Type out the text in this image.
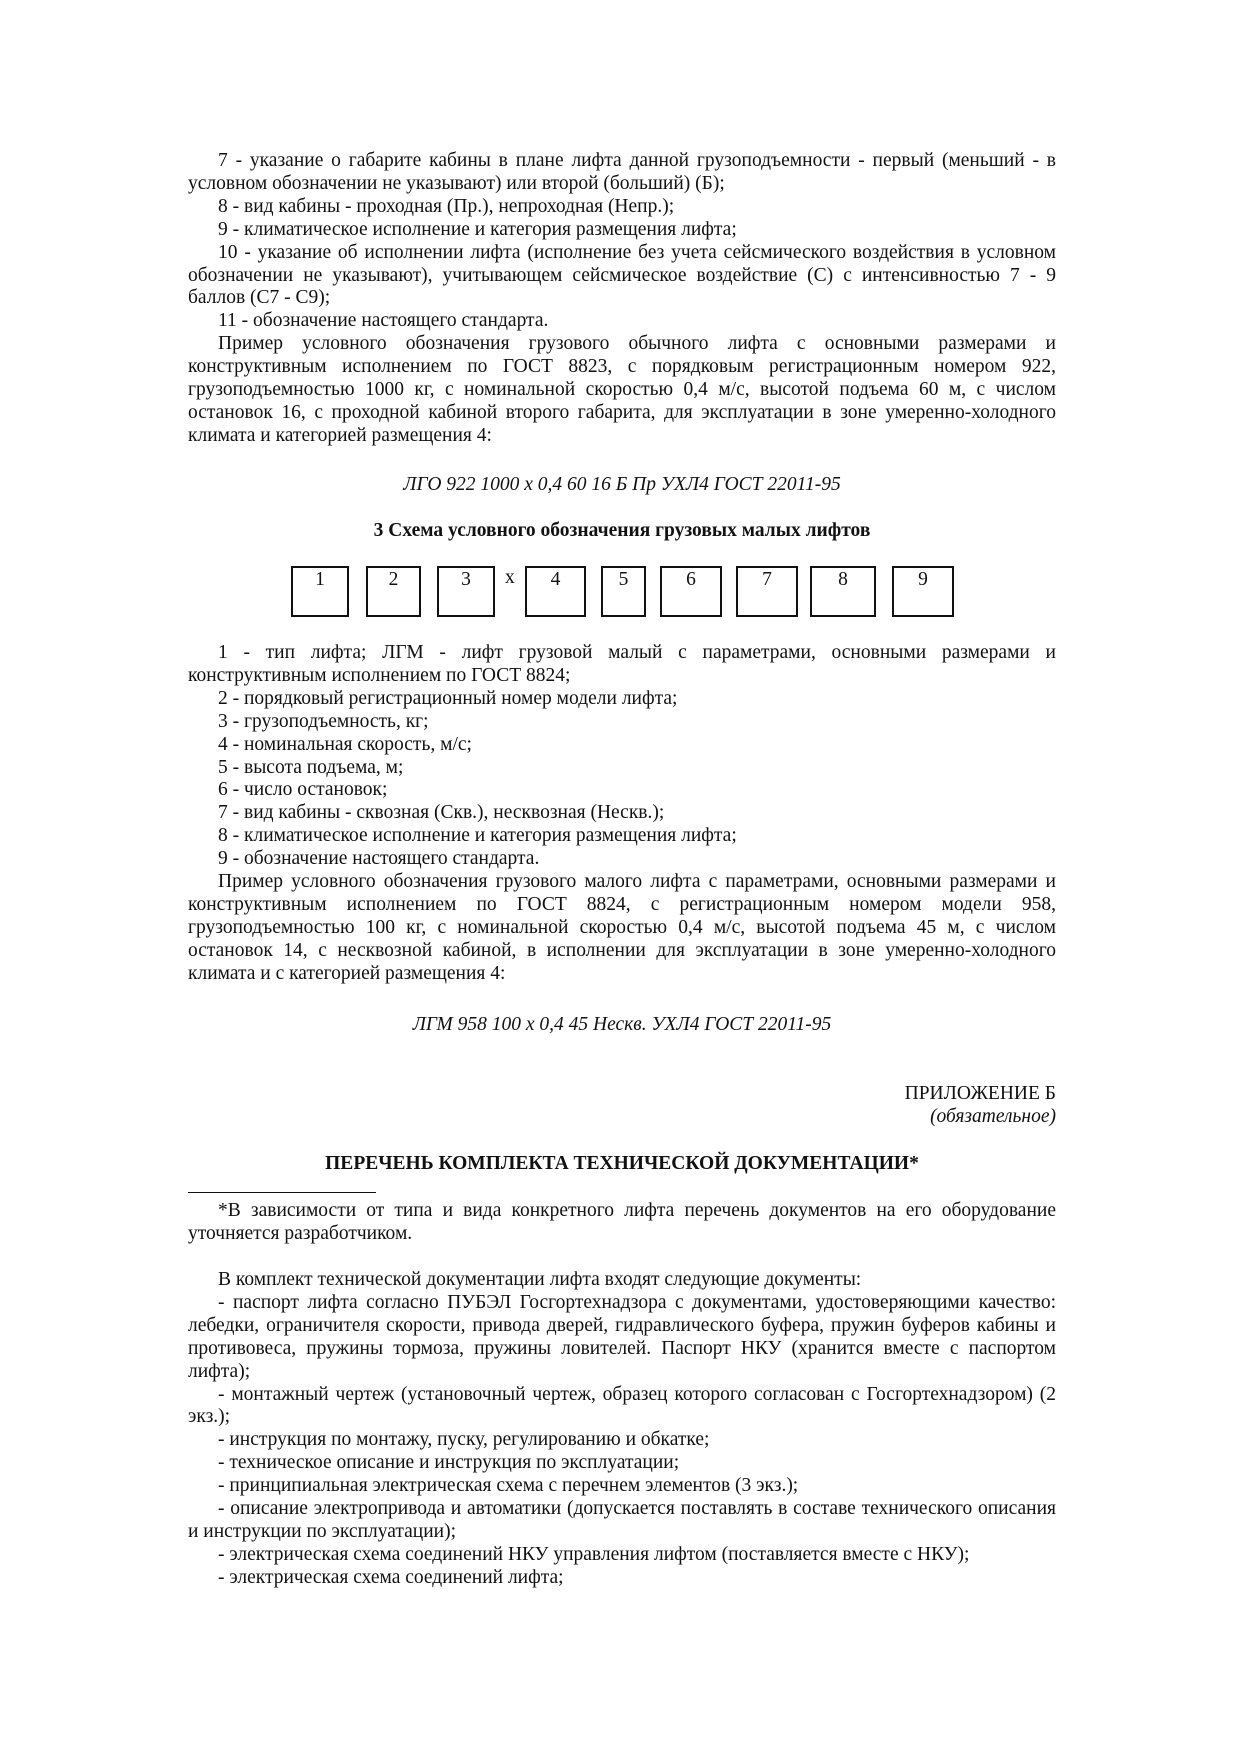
7 - указание о габарите кабины в плане лифта данной грузоподъемности - первый (меньший - в условном обозначении не указывают) или второй (больший) (Б);

8 - вид кабины - проходная (Пр.), непроходная (Непр.);

9 - климатическое исполнение и категория размещения лифта;

10 - указание об исполнении лифта (исполнение без учета сейсмического воздействия в условном обозначении не указывают), учитывающем сейсмическое воздействие (С) с интенсивностью 7 - 9 баллов (С7 - С9);

11 - обозначение настоящего стандарта.

Пример условного обозначения грузового обычного лифта с основными размерами и конструктивным исполнением по ГОСТ 8823, с порядковым регистрационным номером 922, грузоподъемностью 1000 кг, с номинальной скоростью 0,4 м/с, высотой подъема 60 м, с числом остановок 16, с проходной кабиной второго габарита, для эксплуатации в зоне умеренно-холодного климата и категорией размещения 4:

ЛГО 922 1000 х 0,4 60 16 Б Пр УХЛ4 ГОСТ 22011-95
3 Схема условного обозначения грузовых малых лифтов
1	2	3	х	4	5	6	7	8	9

1 - тип лифта; ЛГМ - лифт грузовой малый с параметрами, основными размерами и конструктивным исполнением по ГОСТ 8824;

2 - порядковый регистрационный номер модели лифта;

3 - грузоподъемность, кг;

4 - номинальная скорость, м/с;

5 - высота подъема, м;

6 - число остановок;

7 - вид кабины - сквозная (Скв.), несквозная (Нескв.);

8 - климатическое исполнение и категория размещения лифта;

9 - обозначение настоящего стандарта.

Пример условного обозначения грузового малого лифта с параметрами, основными размерами и конструктивным исполнением по ГОСТ 8824, с регистрационным номером модели 958, грузоподъемностью 100 кг, с номинальной скоростью 0,4 м/с, высотой подъема 45 м, с числом остановок 14, с несквозной кабиной, в исполнении для эксплуатации в зоне умеренно-холодного климата и с категорией размещения 4:

ЛГМ 958 100 х 0,4 45 Нескв. УХЛ4 ГОСТ 22011-95
ПРИЛОЖЕНИЕ Б
(обязательное)
ПЕРЕЧЕНЬ КОМПЛЕКТА ТЕХНИЧЕСКОЙ ДОКУМЕНТАЦИИ*

*В зависимости от типа и вида конкретного лифта перечень документов на его оборудование уточняется разработчиком.

В комплект технической документации лифта входят следующие документы:

- паспорт лифта согласно ПУБЭЛ Госгортехнадзора с документами, удостоверяющими качество: лебедки, ограничителя скорости, привода дверей, гидравлического буфера, пружин буферов кабины и противовеса, пружины тормоза, пружины ловителей. Паспорт НКУ (хранится вместе с паспортом лифта);

- монтажный чертеж (установочный чертеж, образец которого согласован с Госгортехнадзором) (2 экз.);

- инструкция по монтажу, пуску, регулированию и обкатке;

- техническое описание и инструкция по эксплуатации;

- принципиальная электрическая схема с перечнем элементов (3 экз.);

- описание электропривода и автоматики (допускается поставлять в составе технического описания и инструкции по эксплуатации);

- электрическая схема соединений НКУ управления лифтом (поставляется вместе с НКУ);

- электрическая схема соединений лифта;
